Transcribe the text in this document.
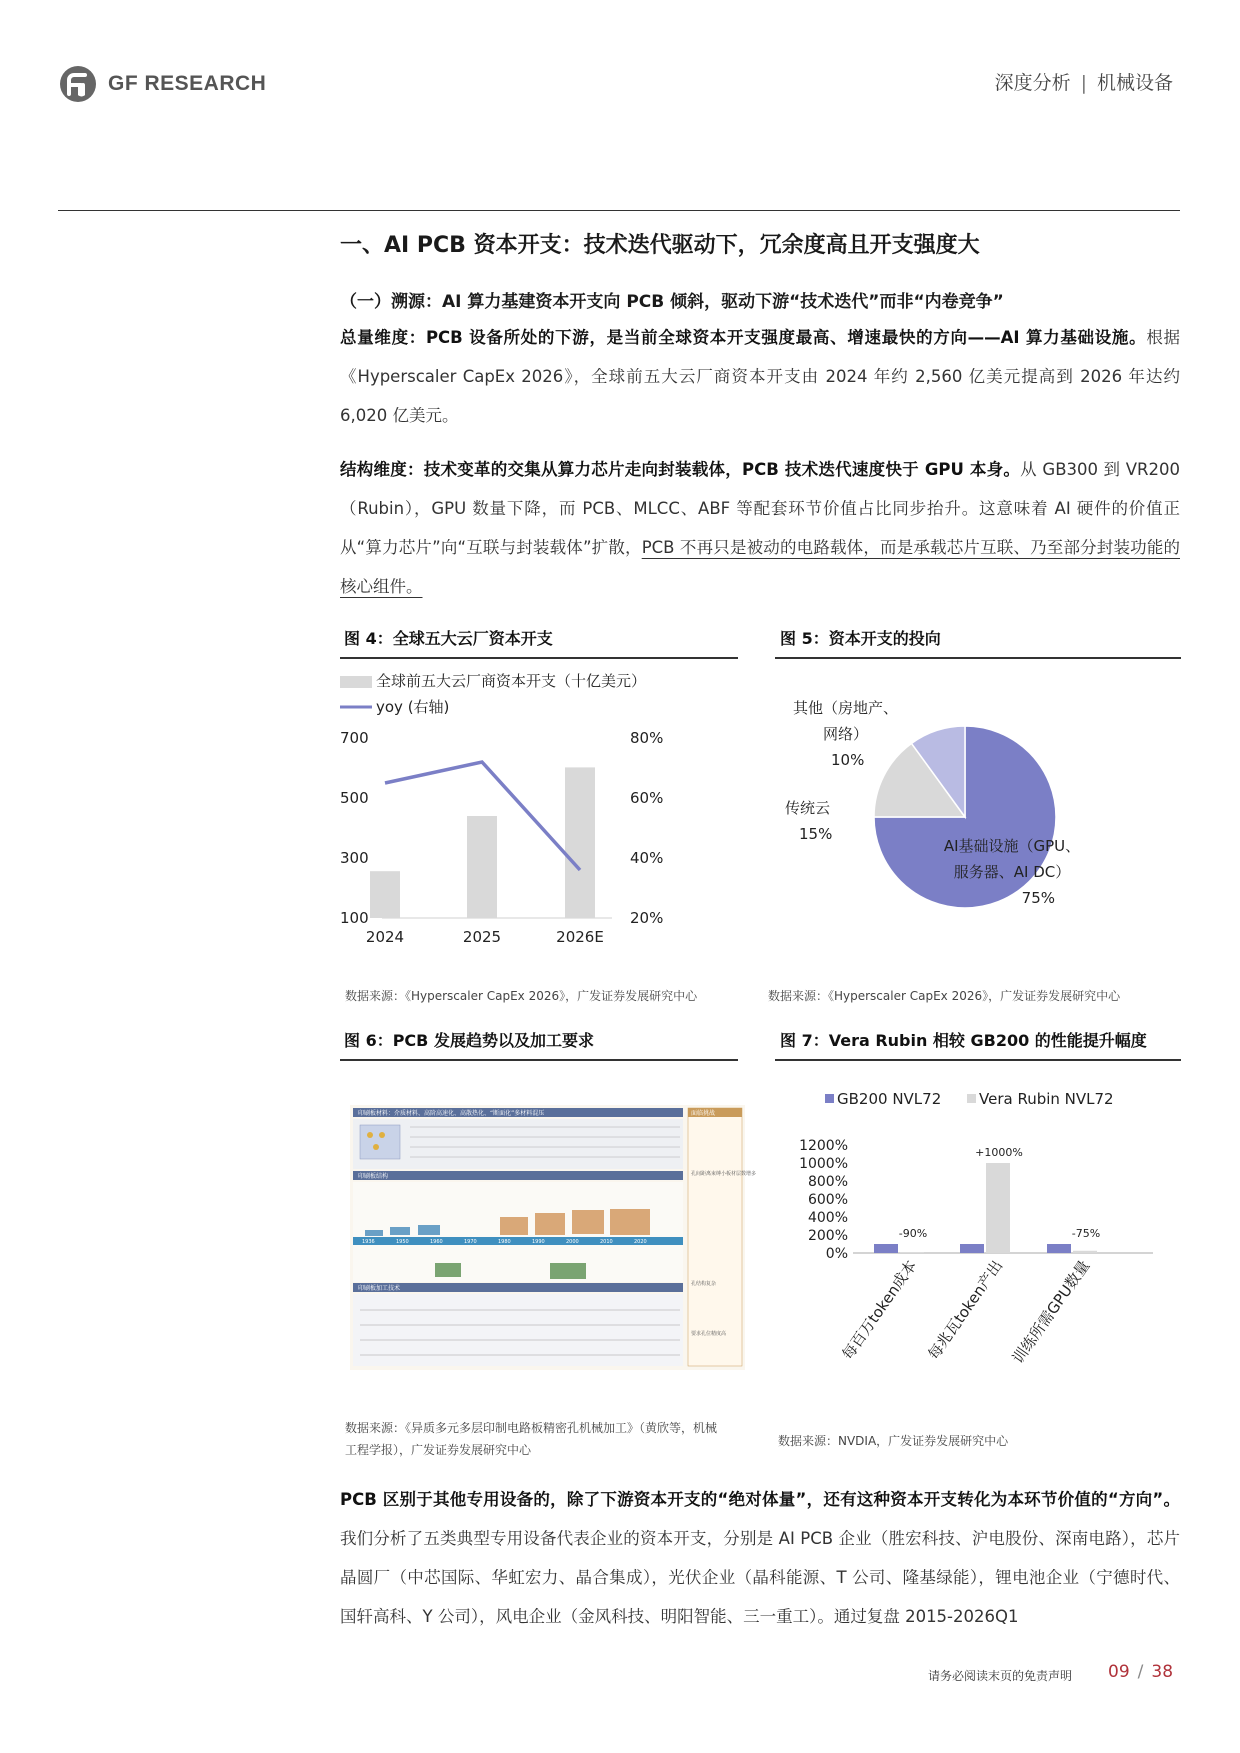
GF RESEARCH	深度分析 | 机械设备
一、AI PCB 资本开支：技术迭代驱动下，冗余度高且开支强度大
（一）溯源：AI 算力基建资本开支向 PCB 倾斜，驱动下游“技术迭代”而非“内卷竞争”
总量维度：PCB 设备所处的下游，是当前全球资本开支强度最高、增速最快的方向——AI 算力基础设施。根据《Hyperscaler CapEx 2026》，全球前五大云厂商资本开支由 2024 年约 2,560 亿美元提高到 2026 年达约 6,020 亿美元。
结构维度：技术变革的交集从算力芯片走向封装载体，PCB 技术迭代速度快于 GPU 本身。从 GB300 到 VR200（Rubin），GPU 数量下降，而 PCB、MLCC、ABF 等配套环节价值占比同步抬升。这意味着 AI 硬件的价值正从“算力芯片”向“互联与封装载体”扩散，PCB 不再只是被动的电路载体，而是承载芯片互联、乃至部分封装功能的核心组件。
图 4：全球五大云厂资本开支
全球前五大云厂商资本开支（十亿美元）
yoy (右轴)
700
500
300
100
80%
60%
40%
20%
2024	2025	2026E
数据来源：《Hyperscaler CapEx 2026》，广发证券发展研究中心
图 5：资本开支的投向
AI基础设施（GPU、
服务器、AI DC）
75%
传统云
15%
其他（房地产、
网络）
10%
数据来源：《Hyperscaler CapEx 2026》，广发证券发展研究中心
图 6：PCB 发展趋势以及加工要求
印刷板材料：介质材料、高阶高速化、高散热化、“断面化”多材料混压
印刷板结构
1936	1950	1960	1970	1980	1990	2000	2010	2020
印刷板加工技术
面临挑战
孔间距离束缚小板材层数增多
孔结构复杂
要求孔位精度高
数据来源：《异质多元多层印制电路板精密孔机械加工》（黄欣等，机械
工程学报），广发证券发展研究中心
图 7：Vera Rubin 相较 GB200 的性能提升幅度
GB200 NVL72	Vera Rubin NVL72
1200%
1000%
800%
600%
400%
200%
0%
-90%
每百万token成本
+1000%
每兆瓦token产出
-75%
训练所需GPU数量
数据来源：NVDIA，广发证券发展研究中心
PCB 区别于其他专用设备的，除了下游资本开支的“绝对体量”，还有这种资本开支转化为本环节价值的“方向”。我们分析了五类典型专用设备代表企业的资本开支，分别是 AI PCB 企业（胜宏科技、沪电股份、深南电路），芯片晶圆厂（中芯国际、华虹宏力、晶合集成），光伏企业（晶科能源、T 公司、隆基绿能），锂电池企业（宁德时代、国轩高科、Y 公司），风电企业（金风科技、明阳智能、三一重工）。通过复盘 2015-2026Q1
请务必阅读末页的免责声明 09 / 38
